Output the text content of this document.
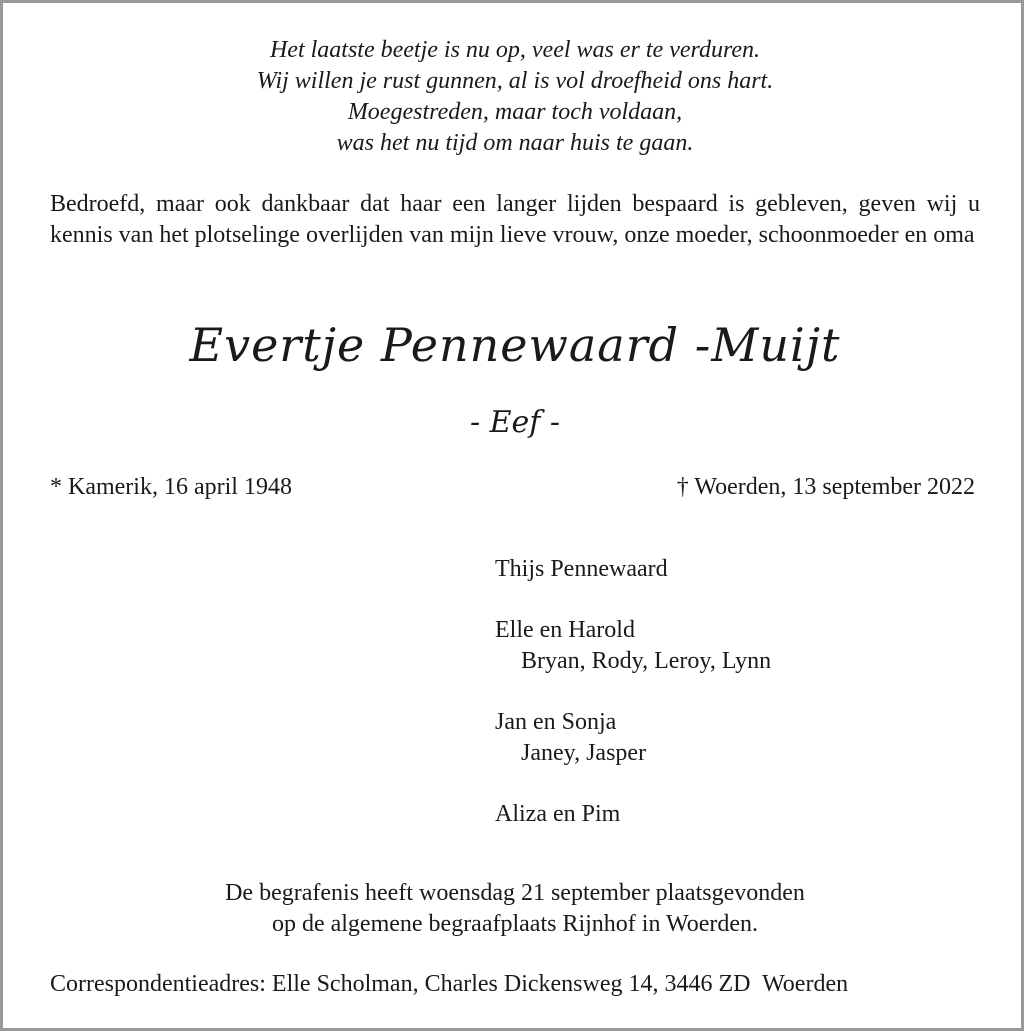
Het laatste beetje is nu op, veel was er te verduren.
Wij willen je rust gunnen, al is vol droefheid ons hart.
Moegestreden, maar toch voldaan,
was het nu tijd om naar huis te gaan.
Bedroefd, maar ook dankbaar dat haar een langer lijden bespaard is gebleven, geven wij u kennis van het plotselinge overlijden van mijn lieve vrouw, onze moeder, schoonmoeder en oma
Evertje Pennewaard -Muijt
- Eef -
* Kamerik, 16 april 1948	† Woerden, 13 september 2022
Thijs Pennewaard
Elle en Harold
Bryan, Rody, Leroy, Lynn
Jan en Sonja
Janey, Jasper
Aliza en Pim
De begrafenis heeft woensdag 21 september plaatsgevonden
op de algemene begraafplaats Rijnhof in Woerden.
Correspondentieadres: Elle Scholman, Charles Dickensweg 14, 3446 ZD  Woerden
